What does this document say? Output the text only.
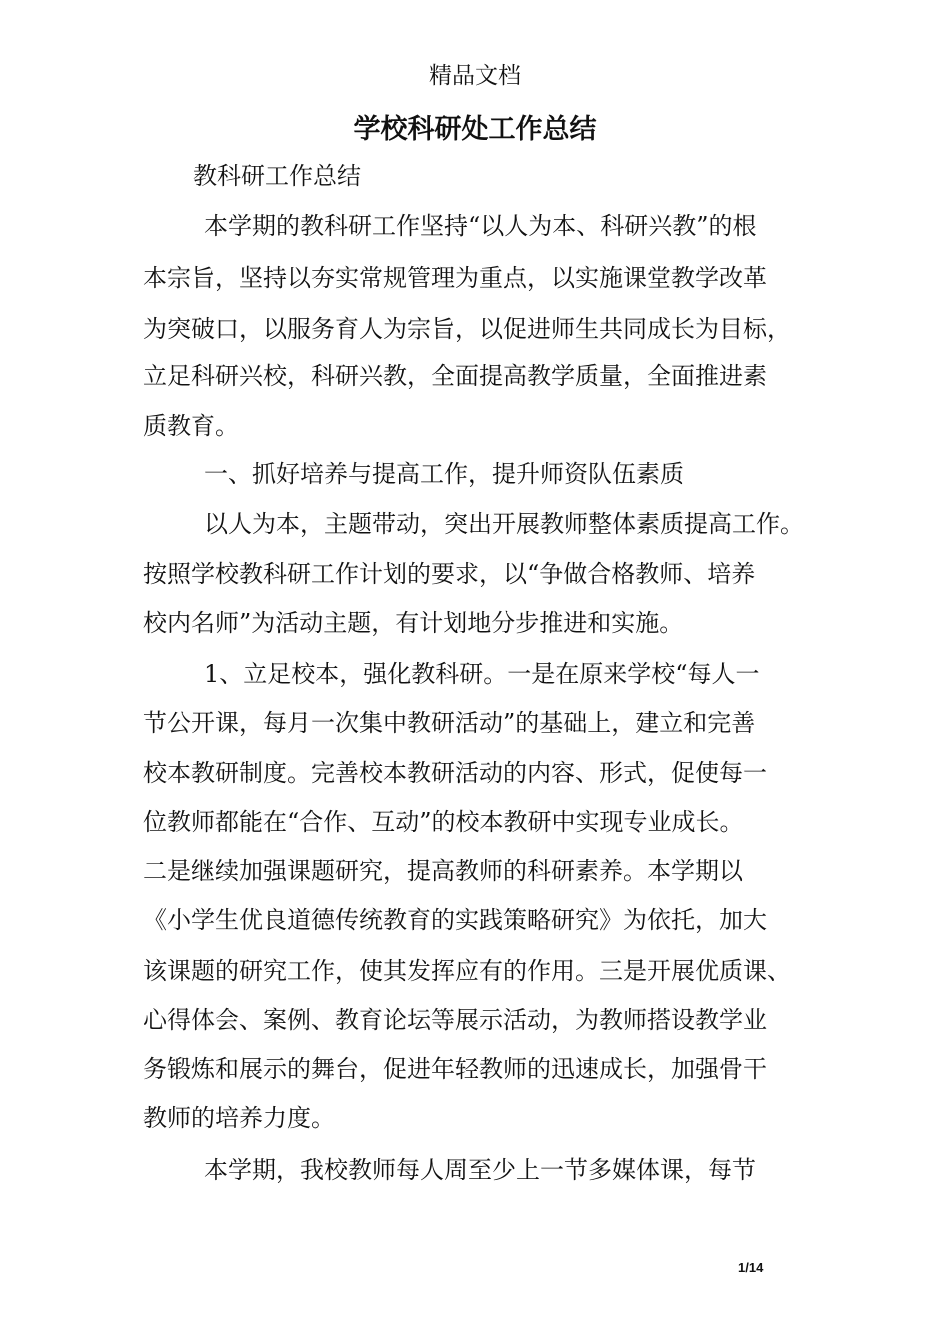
精品文档
学校科研处工作总结
教科研工作总结
本学期的教科研工作坚持“以人为本、科研兴教”的根
本宗旨，坚持以夯实常规管理为重点，以实施课堂教学改革
为突破口，以服务育人为宗旨，以促进师生共同成长为目标，
立足科研兴校，科研兴教，全面提高教学质量，全面推进素
质教育。
一、抓好培养与提高工作，提升师资队伍素质
以人为本，主题带动，突出开展教师整体素质提高工作。
按照学校教科研工作计划的要求，以“争做合格教师、培养
校内名师”为活动主题，有计划地分步推进和实施。
1、立足校本，强化教科研。一是在原来学校“每人一
节公开课，每月一次集中教研活动”的基础上，建立和完善
校本教研制度。完善校本教研活动的内容、形式，促使每一
位教师都能在“合作、互动”的校本教研中实现专业成长。
二是继续加强课题研究，提高教师的科研素养。本学期以
《小学生优良道德传统教育的实践策略研究》为依托，加大
该课题的研究工作，使其发挥应有的作用。三是开展优质课、
心得体会、案例、教育论坛等展示活动，为教师搭设教学业
务锻炼和展示的舞台，促进年轻教师的迅速成长，加强骨干
教师的培养力度。
本学期，我校教师每人周至少上一节多媒体课，每节
1/14
